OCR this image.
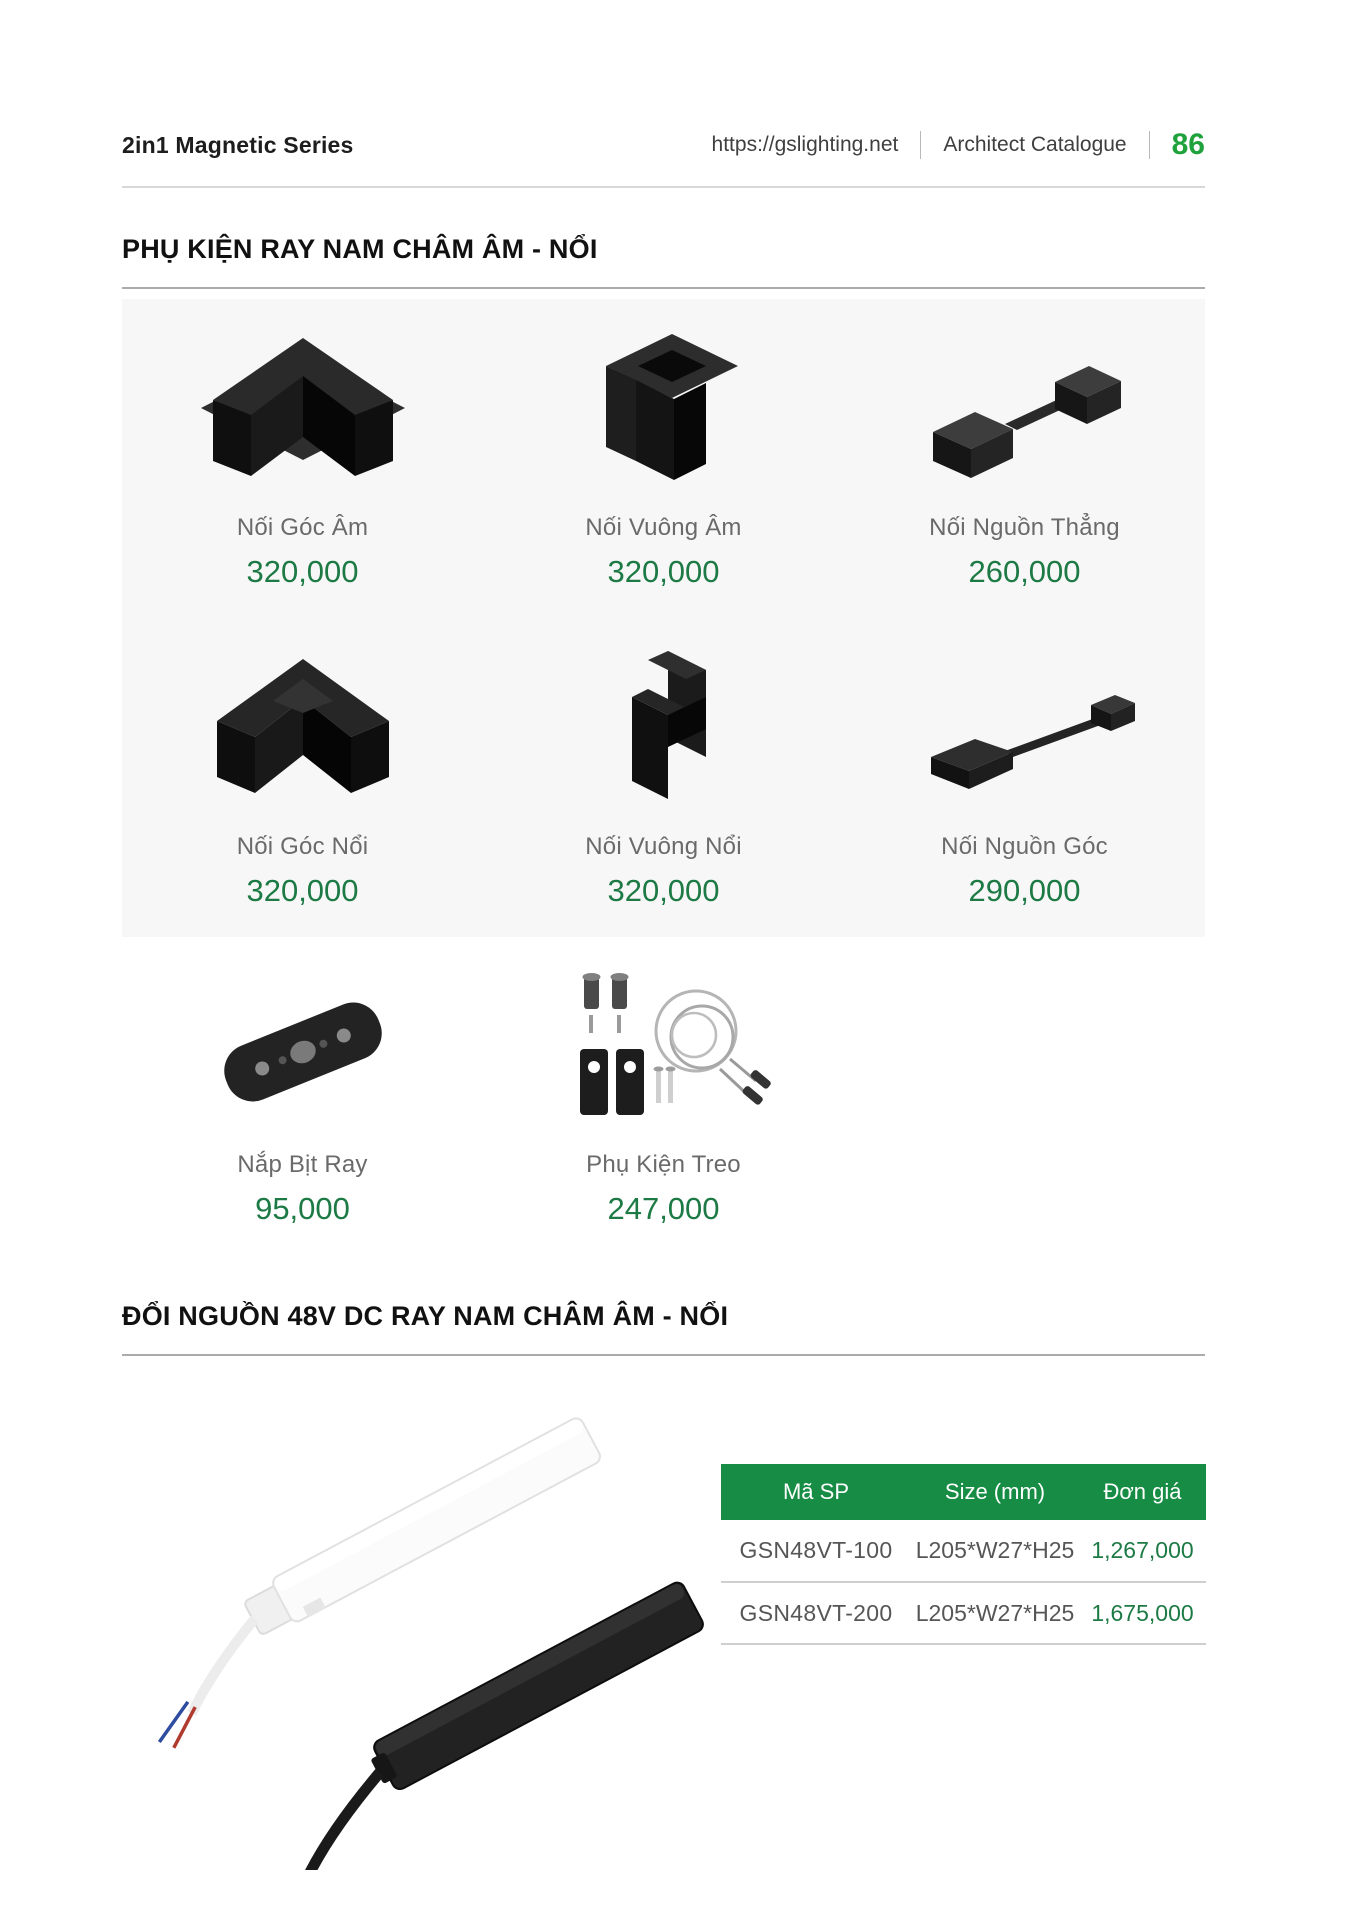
2in1 Magnetic Series	https://gslighting.net Architect Catalogue 86
PHỤ KIỆN RAY NAM CHÂM ÂM - NỔI
Nối Góc Âm
320,000
Nối Vuông Âm
320,000
Nối Nguồn Thẳng
260,000
Nối Góc Nổi
320,000
Nối Vuông Nổi
320,000
Nối Nguồn Góc
290,000
Nắp Bịt Ray
95,000
Phụ Kiện Treo
247,000
ĐỔI NGUỒN 48V DC RAY NAM CHÂM ÂM - NỔI
Mã SP	Size (mm)	Đơn giá
GSN48VT-100	L205*W27*H25	1,267,000
GSN48VT-200	L205*W27*H25	1,675,000
